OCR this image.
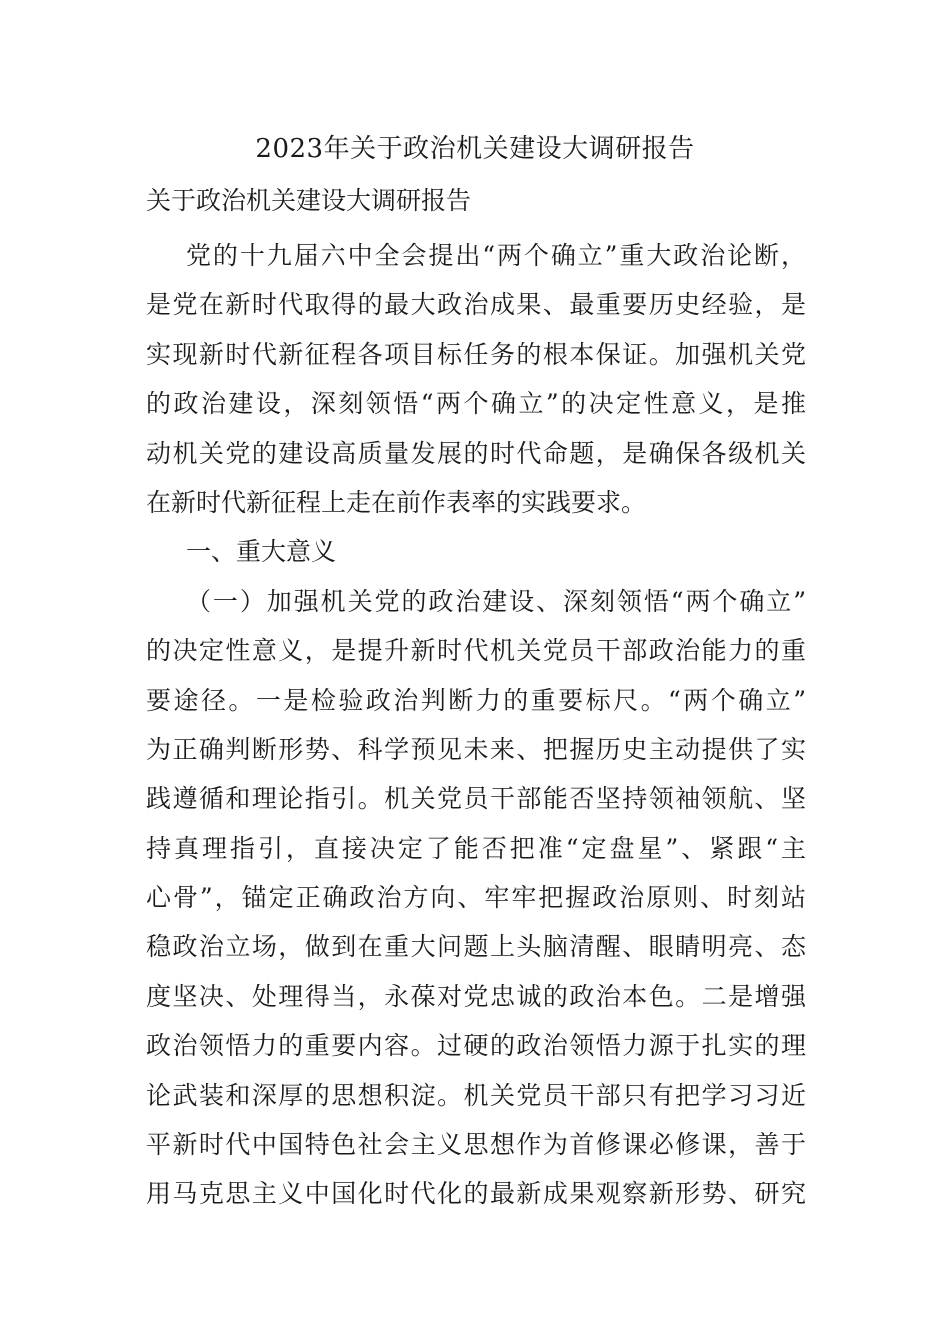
2023年关于政治机关建设大调研报告
关于政治机关建设大调研报告
党的十九届六中全会提出“两个确立”重大政治论断，
是党在新时代取得的最大政治成果、最重要历史经验，是
实现新时代新征程各项目标任务的根本保证。加强机关党
的政治建设，深刻领悟“两个确立”的决定性意义，是推
动机关党的建设高质量发展的时代命题，是确保各级机关
在新时代新征程上走在前作表率的实践要求。
一、重大意义
（一）加强机关党的政治建设、深刻领悟“两个确立”
的决定性意义，是提升新时代机关党员干部政治能力的重
要途径。一是检验政治判断力的重要标尺。“两个确立”
为正确判断形势、科学预见未来、把握历史主动提供了实
践遵循和理论指引。机关党员干部能否坚持领袖领航、坚
持真理指引，直接决定了能否把准“定盘星”、紧跟“主
心骨”，锚定正确政治方向、牢牢把握政治原则、时刻站
稳政治立场，做到在重大问题上头脑清醒、眼睛明亮、态
度坚决、处理得当，永葆对党忠诚的政治本色。二是增强
政治领悟力的重要内容。过硬的政治领悟力源于扎实的理
论武装和深厚的思想积淀。机关党员干部只有把学习习近
平新时代中国特色社会主义思想作为首修课必修课，善于
用马克思主义中国化时代化的最新成果观察新形势、研究
